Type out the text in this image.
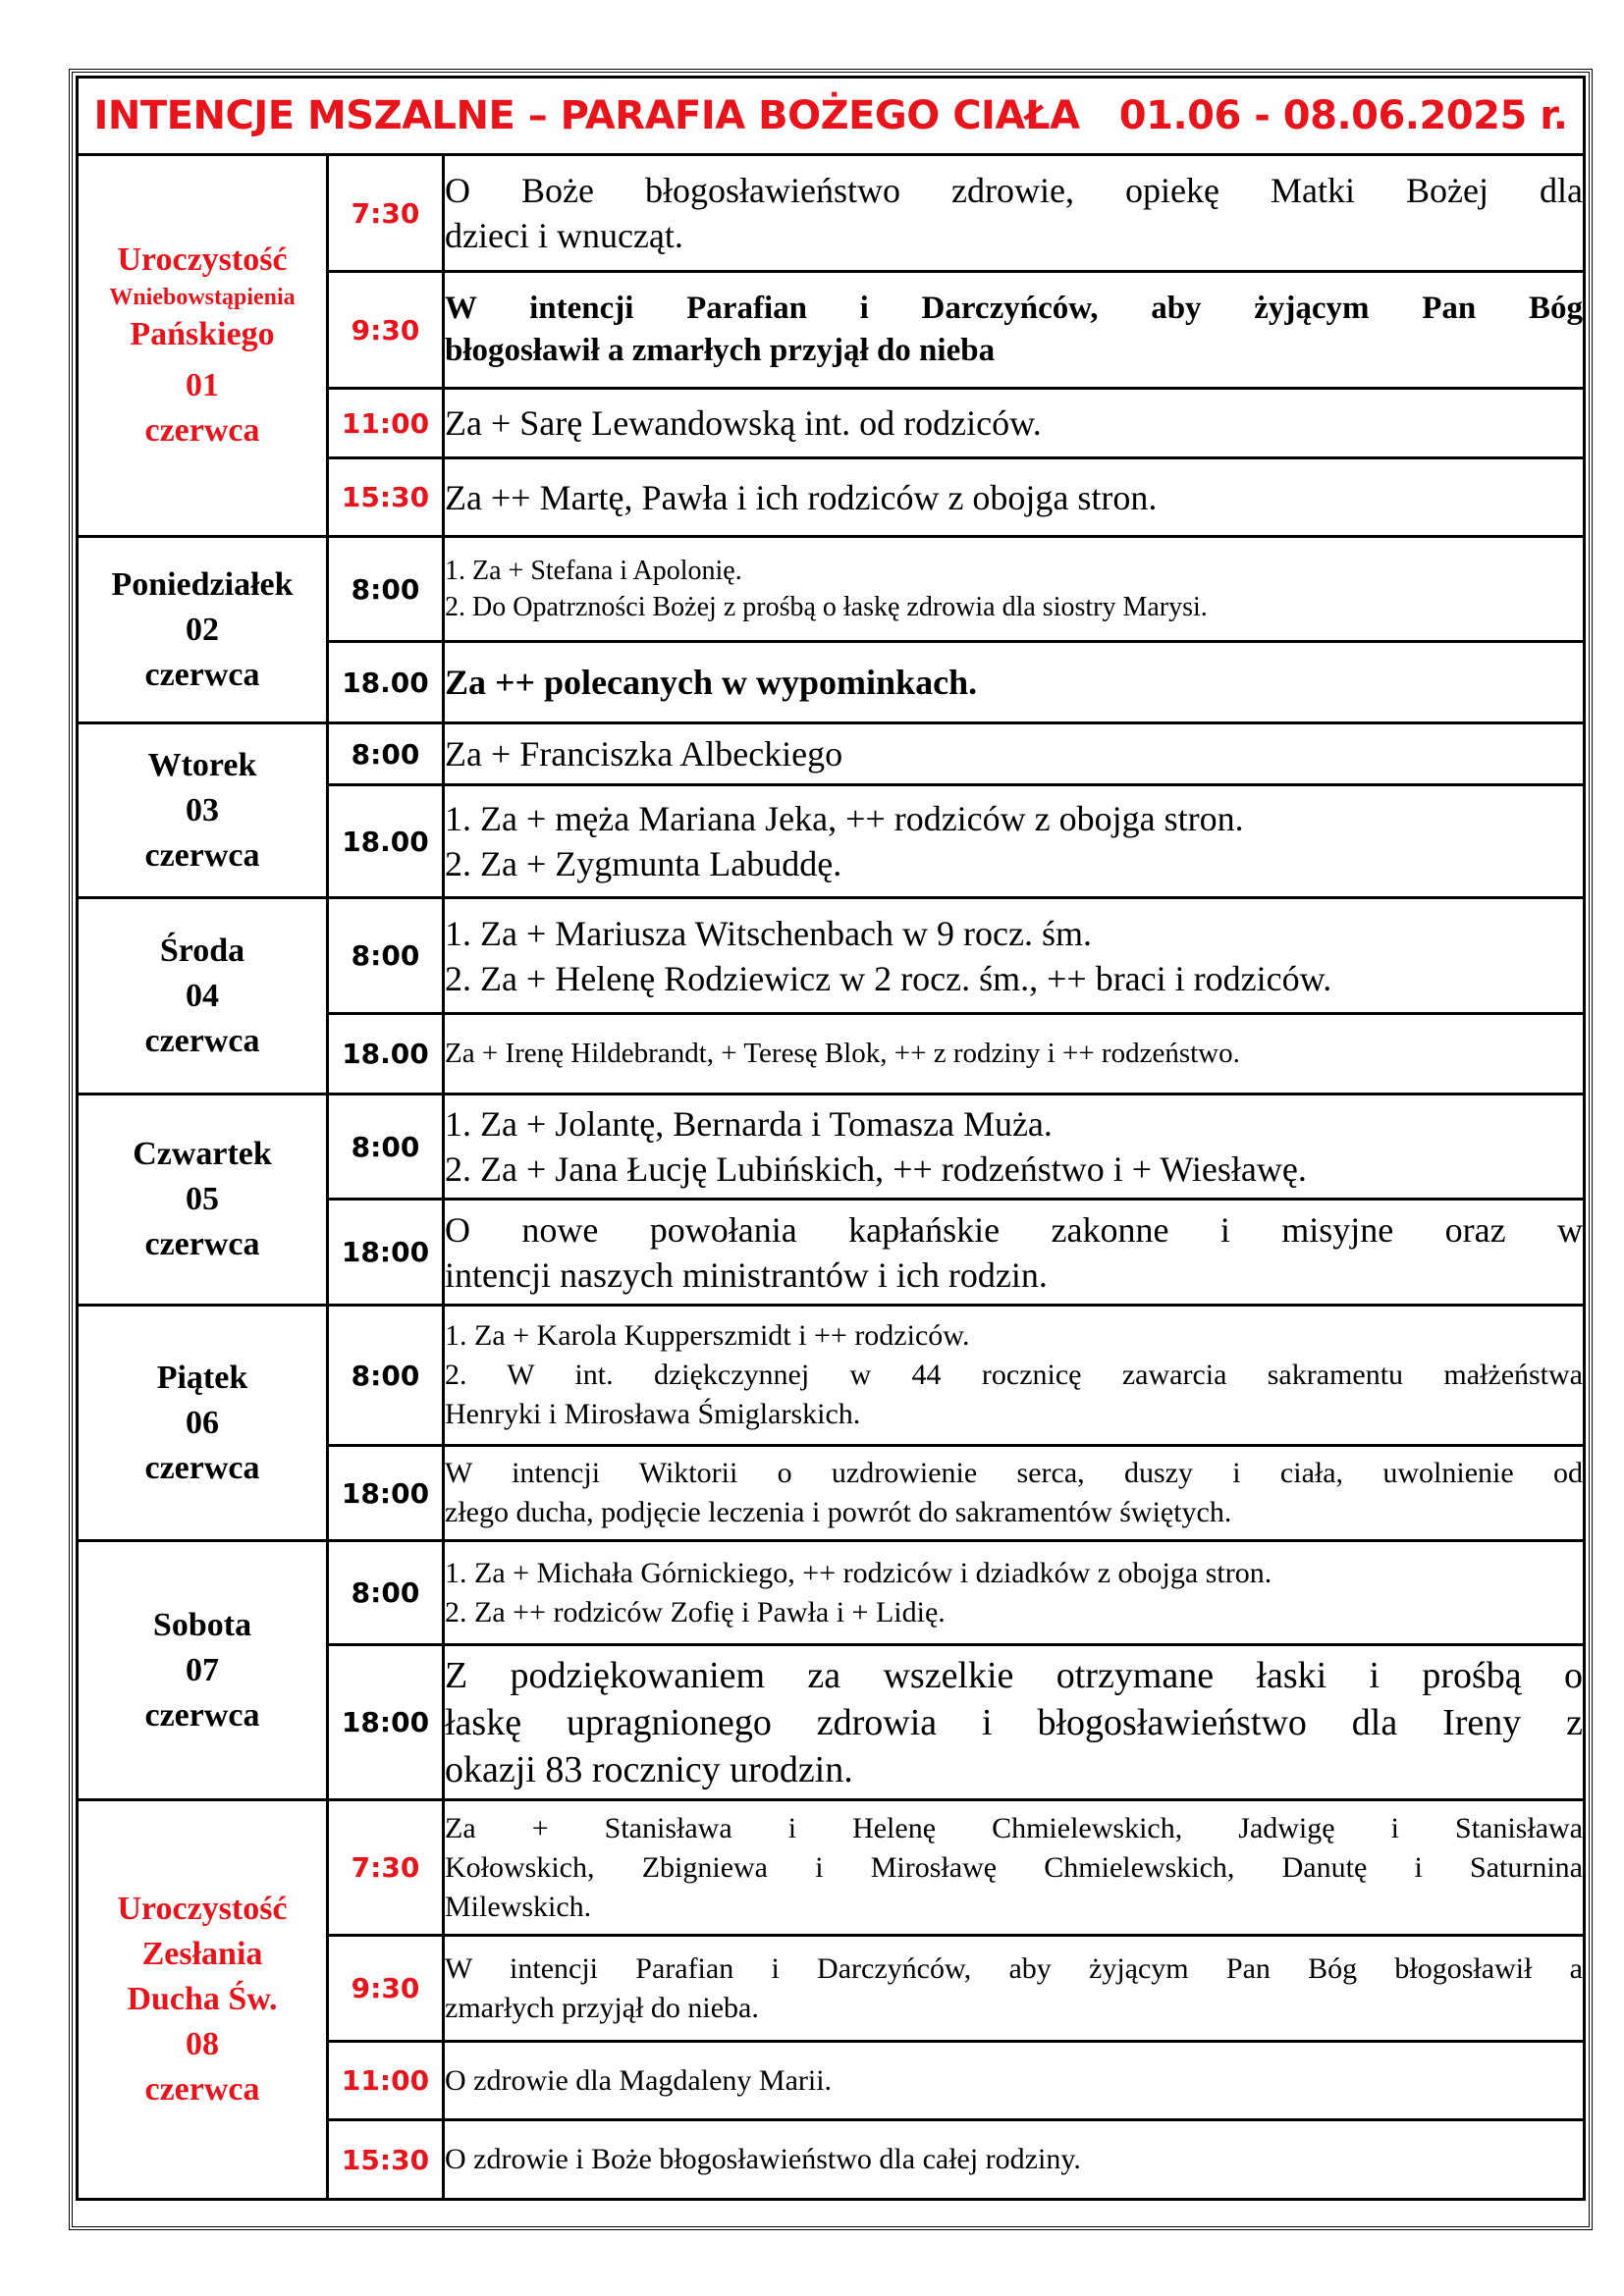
INTENCJE MSZALNE – PARAFIA BOŻEGO CIAŁA   01.06 - 08.06.2025 r.		

Uroczystość
Wniebowstąpienia
Pańskiego
01
czerwca	7:30	O Boże błogosławieństwo zdrowie, opiekę Matki Bożej dla
dzieci i wnucząt.

	9:30	W intencji Parafian i Darczyńców, aby żyjącym Pan Bóg
błogosławił a zmarłych przyjął do nieba

	11:00	Za + Sarę Lewandowską int. od rodziców.

	15:30	Za ++ Martę, Pawła i ich rodziców z obojga stron.

Poniedziałek
02
czerwca	8:00	1. Za + Stefana i Apolonię.
2. Do Opatrzności Bożej z prośbą o łaskę zdrowia dla siostry Marysi.

	18.00	Za ++ polecanych w wypominkach.

Wtorek
03
czerwca	8:00	Za + Franciszka Albeckiego

	18.00	1. Za + męża Mariana Jeka, ++ rodziców z obojga stron.
2. Za + Zygmunta Labuddę.

Środa
04
czerwca	8:00	1. Za + Mariusza Witschenbach w 9 rocz. śm.
2. Za + Helenę Rodziewicz w 2 rocz. śm., ++ braci i rodziców.

	18.00	Za + Irenę Hildebrandt, + Teresę Blok, ++ z rodziny i ++ rodzeństwo.

Czwartek
05
czerwca	8:00	1. Za + Jolantę, Bernarda i Tomasza Muża.
2. Za + Jana Łucję Lubińskich, ++ rodzeństwo i + Wiesławę.

	18:00	O nowe powołania kapłańskie zakonne i misyjne oraz w
intencji naszych ministrantów i ich rodzin.

Piątek
06
czerwca	8:00	1. Za + Karola Kupperszmidt i ++ rodziców.
2. W int. dziękczynnej w 44 rocznicę zawarcia sakramentu małżeństwa
Henryki i Mirosława Śmiglarskich.

	18:00	W intencji Wiktorii o uzdrowienie serca, duszy i ciała, uwolnienie od
złego ducha, podjęcie leczenia i powrót do sakramentów świętych.

Sobota
07
czerwca	8:00	1. Za + Michała Górnickiego, ++ rodziców i dziadków z obojga stron.
2. Za ++ rodziców Zofię i Pawła i + Lidię.

	18:00	Z podziękowaniem za wszelkie otrzymane łaski i prośbą o
łaskę upragnionego zdrowia i błogosławieństwo dla Ireny z
okazji 83 rocznicy urodzin.

Uroczystość
Zesłania
Ducha Św.
08
czerwca	7:30	Za + Stanisława i Helenę Chmielewskich, Jadwigę i Stanisława
Kołowskich, Zbigniewa i Mirosławę Chmielewskich, Danutę i Saturnina
Milewskich.

	9:30	W intencji Parafian i Darczyńców, aby żyjącym Pan Bóg błogosławił a
zmarłych przyjął do nieba.

	11:00	O zdrowie dla Magdaleny Marii.

	15:30	O zdrowie i Boże błogosławieństwo dla całej rodziny.
